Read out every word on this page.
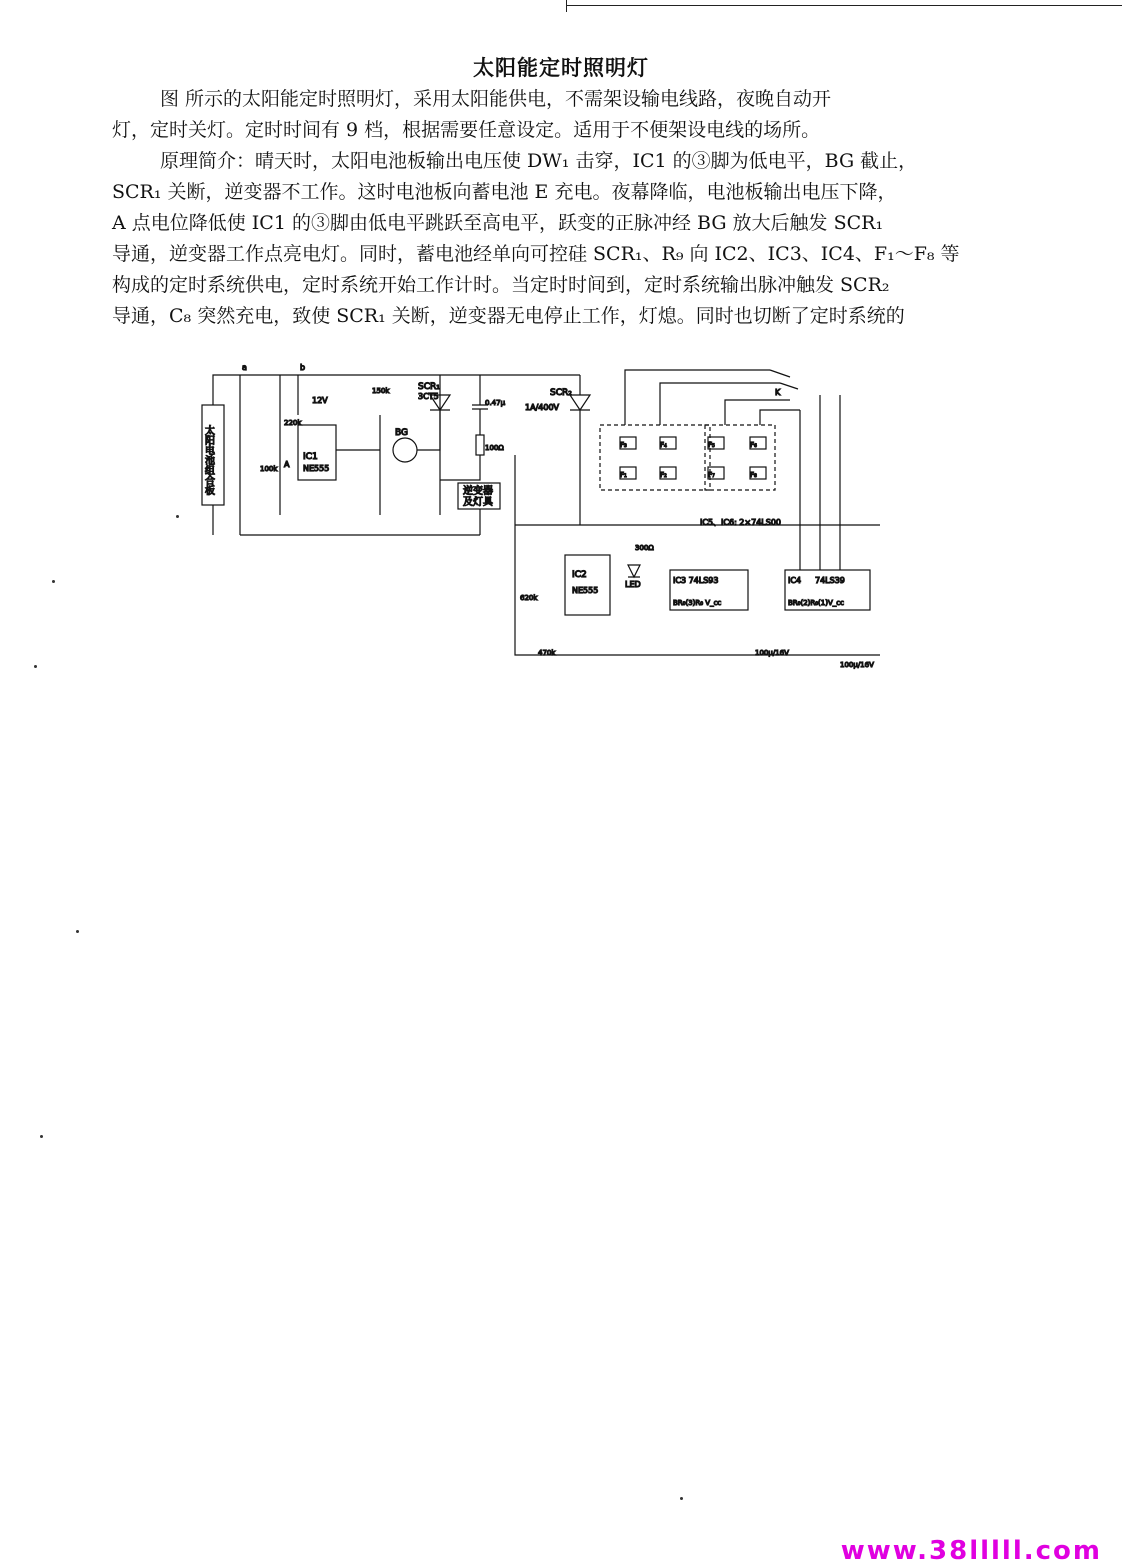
太阳能定时照明灯
图 所示的太阳能定时照明灯，采用太阳能供电，不需架设输电线路，夜晚自动开
灯，定时关灯。定时时间有 9 档，根据需要任意设定。适用于不便架设电线的场所。
原理简介：晴天时，太阳电池板输出电压使 DW₁ 击穿，IC1 的③脚为低电平，BG 截止，
SCR₁ 关断，逆变器不工作。这时电池板向蓄电池 E 充电。夜幕降临，电池板输出电压下降，
A 点电位降低使 IC1 的③脚由低电平跳跃至高电平，跃变的正脉冲经 BG 放大后触发 SCR₁
导通，逆变器工作点亮电灯。同时，蓄电池经单向可控硅 SCR₁、R₉ 向 IC2、IC3、IC4、F₁～F₈ 等
构成的定时系统供电，定时系统开始工作计时。当定时时间到，定时系统输出脉冲触发 SCR₂
导通，C₈ 突然充电，致使 SCR₁ 关断，逆变器无电停止工作，灯熄。同时也切断了定时系统的
太阳电池组合板	IC1
NE555
逆变器
及灯具
SCR₁
3CT5	SCR₂
1A/400V
BG
IC2
NE555
IC3 74LS93
BR₀(3)R₀ V_cc
IC4 74LS39
BR₀(2)R₀(1)V_cc
IC5、IC6: 2×74LS00
LED
K
F₃	F₄
F₁	F₂
F₅	F₆
F₇	F₈
a	b
A
12V
220k
100k
150k
100Ω
0.47μ
620k
470k
300Ω
100μ/16V
100μ/16V
www.38lllll.com
